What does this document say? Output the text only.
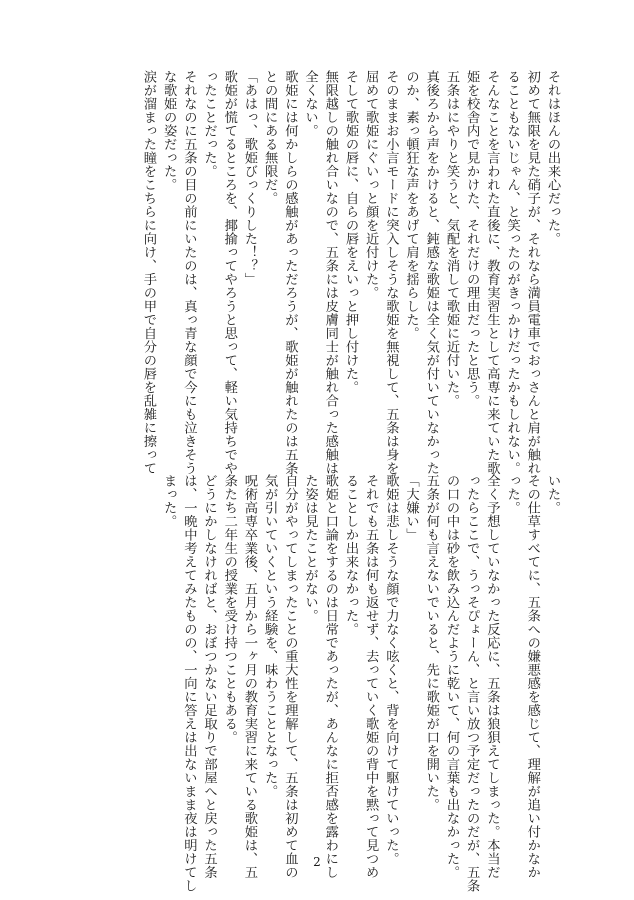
それはほんの出来心だった。
初めて無限を見た硝子が、それなら満員電車でおっさんと肩が触れ
ることもないじゃん、と笑ったのがきっかけだったかもしれない。
そんなことを言われた直後に、教育実習生として高専に来ていた歌
姫を校舎内で見かけた、それだけの理由だったと思う。
五条はにやりと笑うと、気配を消して歌姫に近付いた。
真後ろから声をかけると、鈍感な歌姫は全く気が付いていなかった
のか、素っ頓狂な声をあげて肩を揺らした。
そのままお小言モードに突入しそうな歌姫を無視して、五条は身を
屈めて歌姫にぐいっと顔を近付けた。
そして歌姫の唇に、自らの唇をえいっと押し付けた。
無限越しの触れ合いなので、五条には皮膚同士が触れ合った感触は
全くない。
歌姫には何かしらの感触があっただろうが、歌姫が触れたのは五条
との間にある無限だ。
「あはっ、歌姫びっくりした！？」
歌姫が慌てるところを、揶揄ってやろうと思って、軽い気持ちでや
ったことだった。
それなのに五条の目の前にいたのは、真っ青な顔で今にも泣きそう
な歌姫の姿だった。
涙が溜まった瞳をこちらに向け、手の甲で自分の唇を乱雑に擦って
いた。
その仕草すべてに、五条への嫌悪感を感じて、理解が追い付かなか
った。
全く予想していなかった反応に、五条は狼狽えてしまった。本当だ
ったらここで、うっそぴょーん、と言い放つ予定だったのだが、五条
の口の中は砂を飲み込んだように乾いて、何の言葉も出なかった。
五条が何も言えないでいると、先に歌姫が口を開いた。
「大嫌い」
歌姫は悲しそうな顔で力なく呟くと、背を向けて駆けていった。
それでも五条は何も返せず、去っていく歌姫の背中を黙って見つめ
ることしか出来なかった。
歌姫と口論をするのは日常であったが、あんなに拒否感を露わにし
た姿は見たことがない。
自分がやってしまったことの重大性を理解して、五条は初めて血の
気が引いていくという経験を、味わうこととなった。
呪術高専卒業後、五月から一ヶ月の教育実習に来ている歌姫は、五
条たち二年生の授業を受け持つこともある。
どうにかしなければと、おぼつかない足取りで部屋へと戻った五条
は、一晩中考えてみたものの、一向に答えは出ないまま夜は明けてし
まった。
2
